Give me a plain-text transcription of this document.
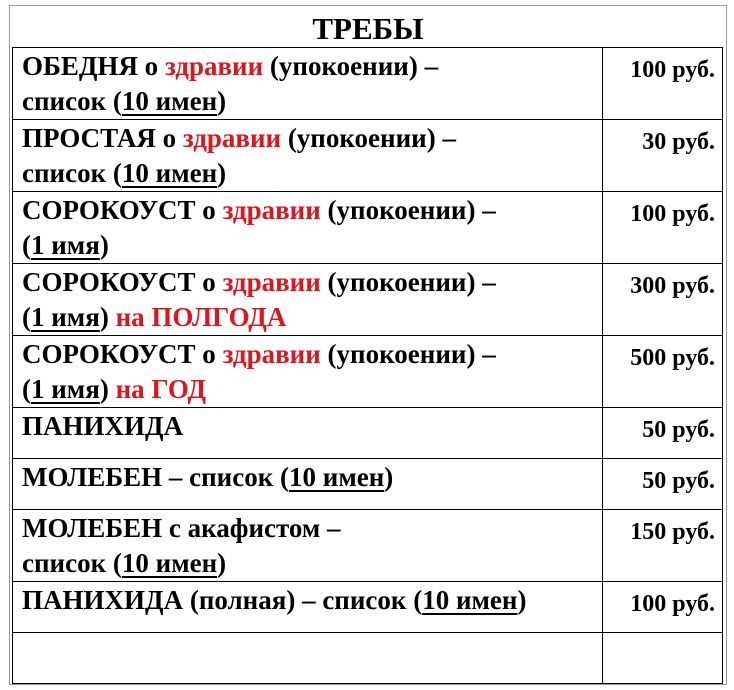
ТРЕБЫ
ОБЕДНЯ о здравии (упокоении) –
список (10 имен)	100 руб.

ПРОСТАЯ о здравии (упокоении) –
список (10 имен)	30 руб.

СОРОКОУСТ о здравии (упокоении) –
(1 имя)	100 руб.

СОРОКОУСТ о здравии (упокоении) –
(1 имя) на ПОЛГОДА	300 руб.

СОРОКОУСТ о здравии (упокоении) –
(1 имя) на ГОД	500 руб.

ПАНИХИДА	50 руб.

МОЛЕБЕН – список (10 имен)	50 руб.

МОЛЕБЕН с акафистом –
список (10 имен)	150 руб.

ПАНИХИДА (полная) – список (10 имен)	100 руб.
